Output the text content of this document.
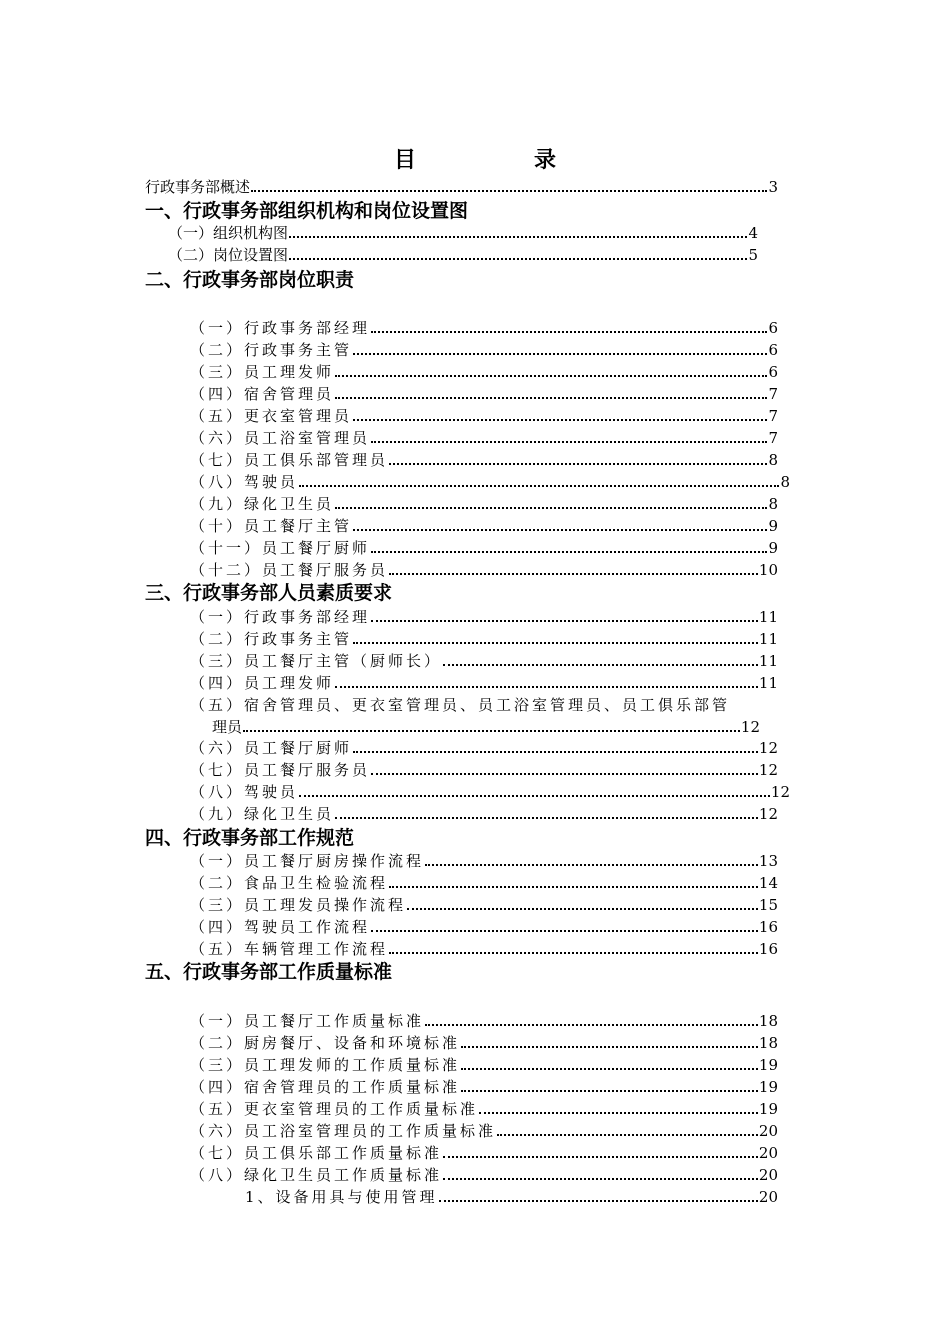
目　录
行政事务部概述	3
一、行政事务部组织机构和岗位设置图
（一）组织机构图	4
（二）岗位设置图	5
二、行政事务部岗位职责
（一）行政事务部经理	6
（二）行政事务主管	6
（三）员工理发师	6
（四）宿舍管理员	7
（五）更衣室管理员	7
（六）员工浴室管理员	7
（七）员工俱乐部管理员	8
（八）驾驶员	8
（九）绿化卫生员	8
（十）员工餐厅主管	9
（十一）员工餐厅厨师	9
（十二）员工餐厅服务员	10
三、行政事务部人员素质要求
（一）行政事务部经理	11
（二）行政事务主管	11
（三）员工餐厅主管（厨师长）	11
（四）员工理发师	11
（五）宿舍管理员、更衣室管理员、员工浴室管理员、员工俱乐部管
理员	12
（六）员工餐厅厨师	12
（七）员工餐厅服务员	12
（八）驾驶员	12
（九）绿化卫生员	12
四、行政事务部工作规范
（一）员工餐厅厨房操作流程	13
（二）食品卫生检验流程	14
（三）员工理发员操作流程	15
（四）驾驶员工作流程	16
（五）车辆管理工作流程	16
五、行政事务部工作质量标准
（一）员工餐厅工作质量标准	18
（二）厨房餐厅、设备和环境标准	18
（三）员工理发师的工作质量标准	19
（四）宿舍管理员的工作质量标准	19
（五）更衣室管理员的工作质量标准	19
（六）员工浴室管理员的工作质量标准	20
（七）员工俱乐部工作质量标准	20
（八）绿化卫生员工作质量标准	20
1、设备用具与使用管理	20
